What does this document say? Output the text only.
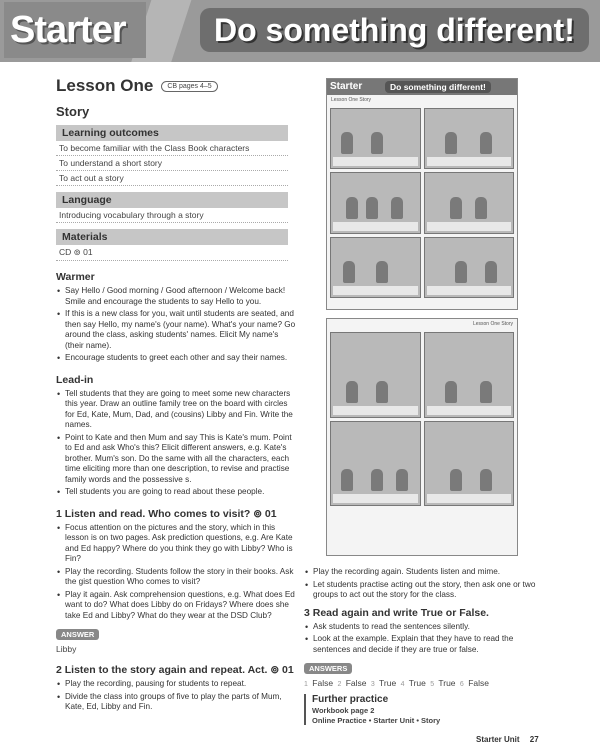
Starter	Do something different!
Lesson One	CB pages 4–5
Story
Learning outcomes
To become familiar with the Class Book characters
To understand a short story
To act out a story
Language
Introducing vocabulary through a story
Materials
CD ⊚ 01
Warmer
• Say Hello / Good morning / Good afternoon / Welcome back! Smile and encourage the students to say Hello to you.
• If this is a new class for you, wait until students are seated, and then say Hello, my name's (your name). What's your name? Go around the class, asking students' names. Elicit My name's (their name).
• Encourage students to greet each other and say their names.
Lead-in
• Tell students that they are going to meet some new characters this year. Draw an outline family tree on the board with circles for Ed, Kate, Mum, Dad, and (cousins) Libby and Fin. Write the names.
• Point to Kate and then Mum and say This is Kate's mum. Point to Ed and ask Who's this? Elicit different answers, e.g. Kate's brother. Mum's son. Do the same with all the characters, each time eliciting more than one description, to revise and practise family words and the possessive s.
• Tell students you are going to read about these people.
1 Listen and read. Who comes to visit? ⊚ 01
• Focus attention on the pictures and the story, which in this lesson is on two pages. Ask prediction questions, e.g. Are Kate and Ed happy? Where do you think they go with Libby? Who is Fin?
• Play the recording. Students follow the story in their books. Ask the gist question Who comes to visit?
• Play it again. Ask comprehension questions, e.g. What does Ed want to do? What does Libby do on Fridays? Where does she take Ed and Libby? What do they wear at the DSD Club?
ANSWER
Libby
2 Listen to the story again and repeat. Act. ⊚ 01
• Play the recording, pausing for students to repeat.
• Divide the class into groups of five to play the parts of Mum, Kate, Ed, Libby and Fin.
Starter	Do something different!
Lesson One Story
Lesson One Story
• Play the recording again. Students listen and mime.
• Let students practise acting out the story, then ask one or two groups to act out the story for the class.
3 Read again and write True or False.
• Ask students to read the sentences silently.
• Look at the example. Explain that they have to read the sentences and decide if they are true or false.
ANSWERS
1 False 2 False 3 True 4 True 5 True 6 False
Further practice
Workbook page 2
Online Practice • Starter Unit • Story
Starter Unit 27
